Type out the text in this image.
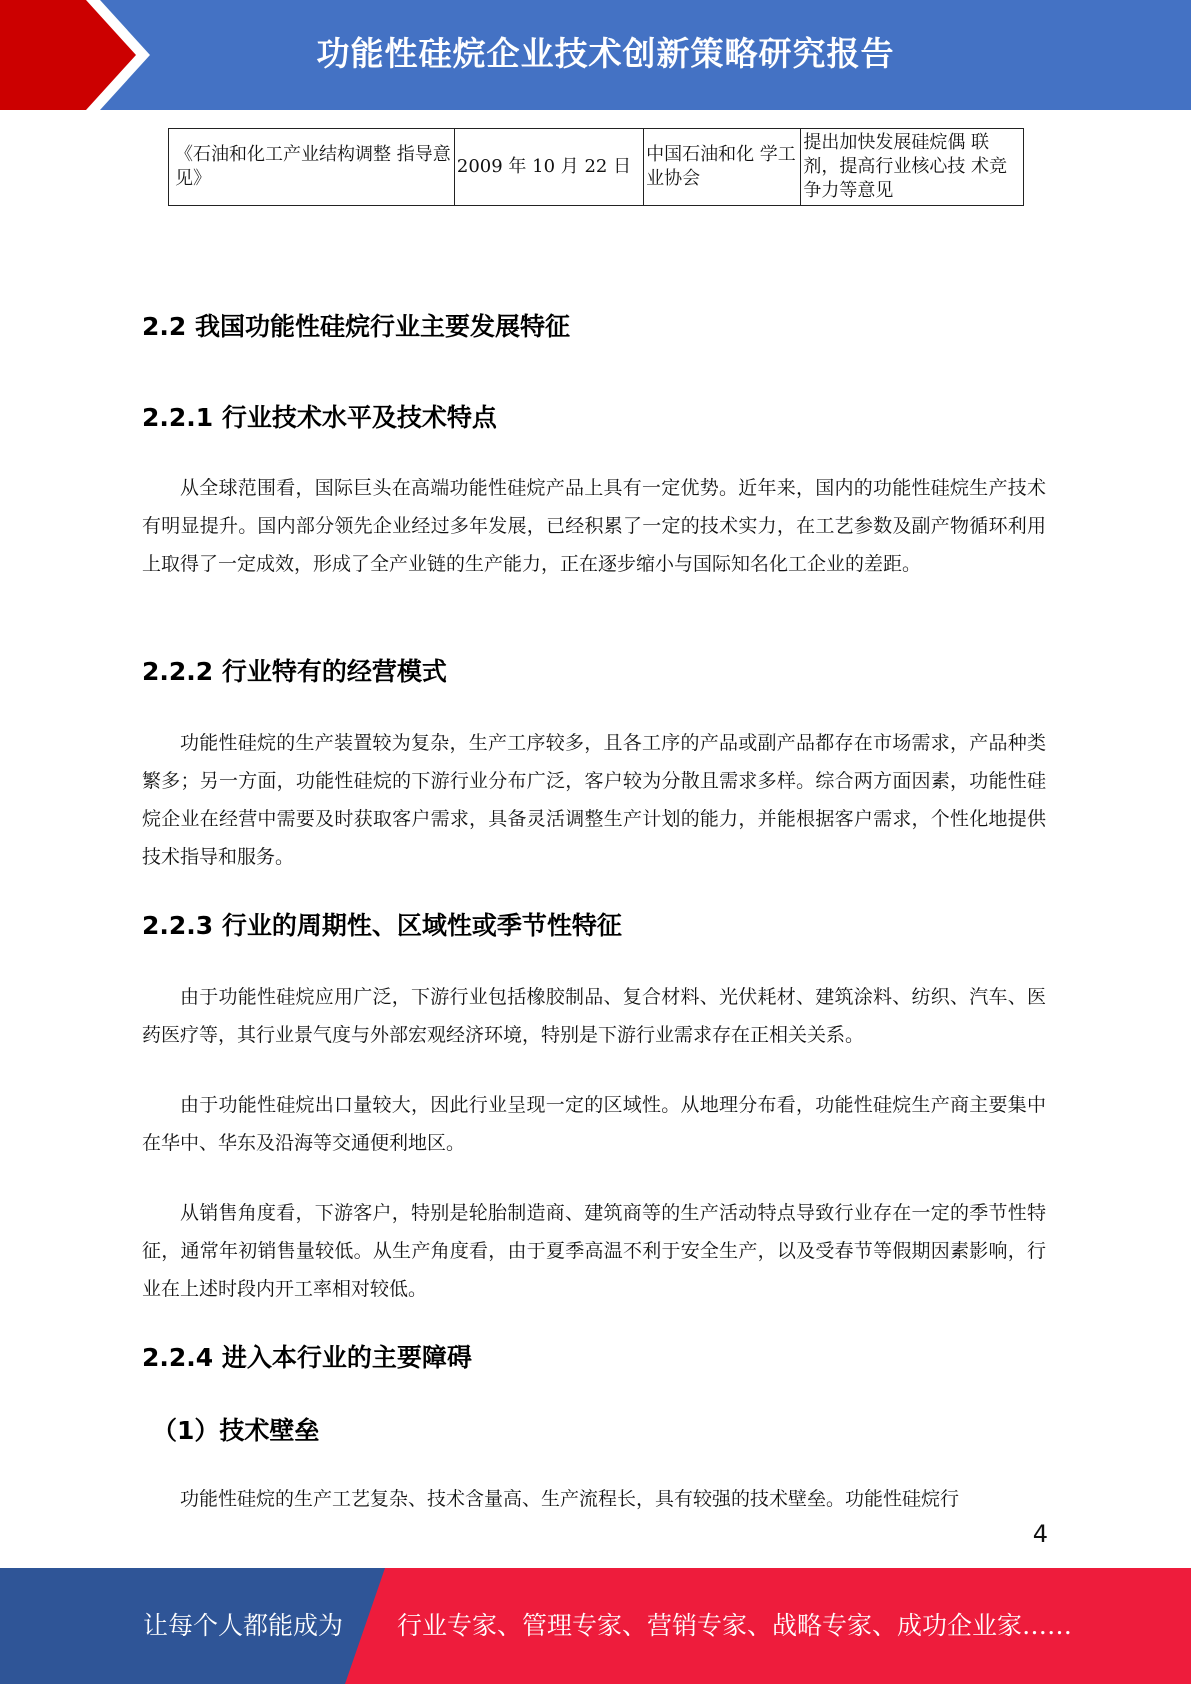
功能性硅烷企业技术创新策略研究报告
《石油和化工产业结构调整 指导意见》	2009 年 10 月 22 日	中国石油和化 学工业协会	提出加快发展硅烷偶 联剂，提高行业核心技 术竞争力等意见
2.2 我国功能性硅烷行业主要发展特征
2.2.1 行业技术水平及技术特点

从全球范围看，国际巨头在高端功能性硅烷产品上具有一定优势。近年来，国内的功能性硅烷生产技术有明显提升。国内部分领先企业经过多年发展，已经积累了一定的技术实力，在工艺参数及副产物循环利用上取得了一定成效，形成了全产业链的生产能力，正在逐步缩小与国际知名化工企业的差距。

2.2.2 行业特有的经营模式

功能性硅烷的生产装置较为复杂，生产工序较多，且各工序的产品或副产品都存在市场需求，产品种类繁多；另一方面，功能性硅烷的下游行业分布广泛，客户较为分散且需求多样。综合两方面因素，功能性硅烷企业在经营中需要及时获取客户需求，具备灵活调整生产计划的能力，并能根据客户需求，个性化地提供技术指导和服务。

2.2.3 行业的周期性、区域性或季节性特征

由于功能性硅烷应用广泛，下游行业包括橡胶制品、复合材料、光伏耗材、建筑涂料、纺织、汽车、医药医疗等，其行业景气度与外部宏观经济环境，特别是下游行业需求存在正相关关系。

由于功能性硅烷出口量较大，因此行业呈现一定的区域性。从地理分布看，功能性硅烷生产商主要集中在华中、华东及沿海等交通便利地区。

从销售角度看，下游客户，特别是轮胎制造商、建筑商等的生产活动特点导致行业存在一定的季节性特征，通常年初销售量较低。从生产角度看，由于夏季高温不利于安全生产，以及受春节等假期因素影响，行业在上述时段内开工率相对较低。

2.2.4 进入本行业的主要障碍
（1）技术壁垒

功能性硅烷的生产工艺复杂、技术含量高、生产流程长，具有较强的技术壁垒。功能性硅烷行

4
让每个人都能成为 行业专家、管理专家、营销专家、战略专家、成功企业家……
